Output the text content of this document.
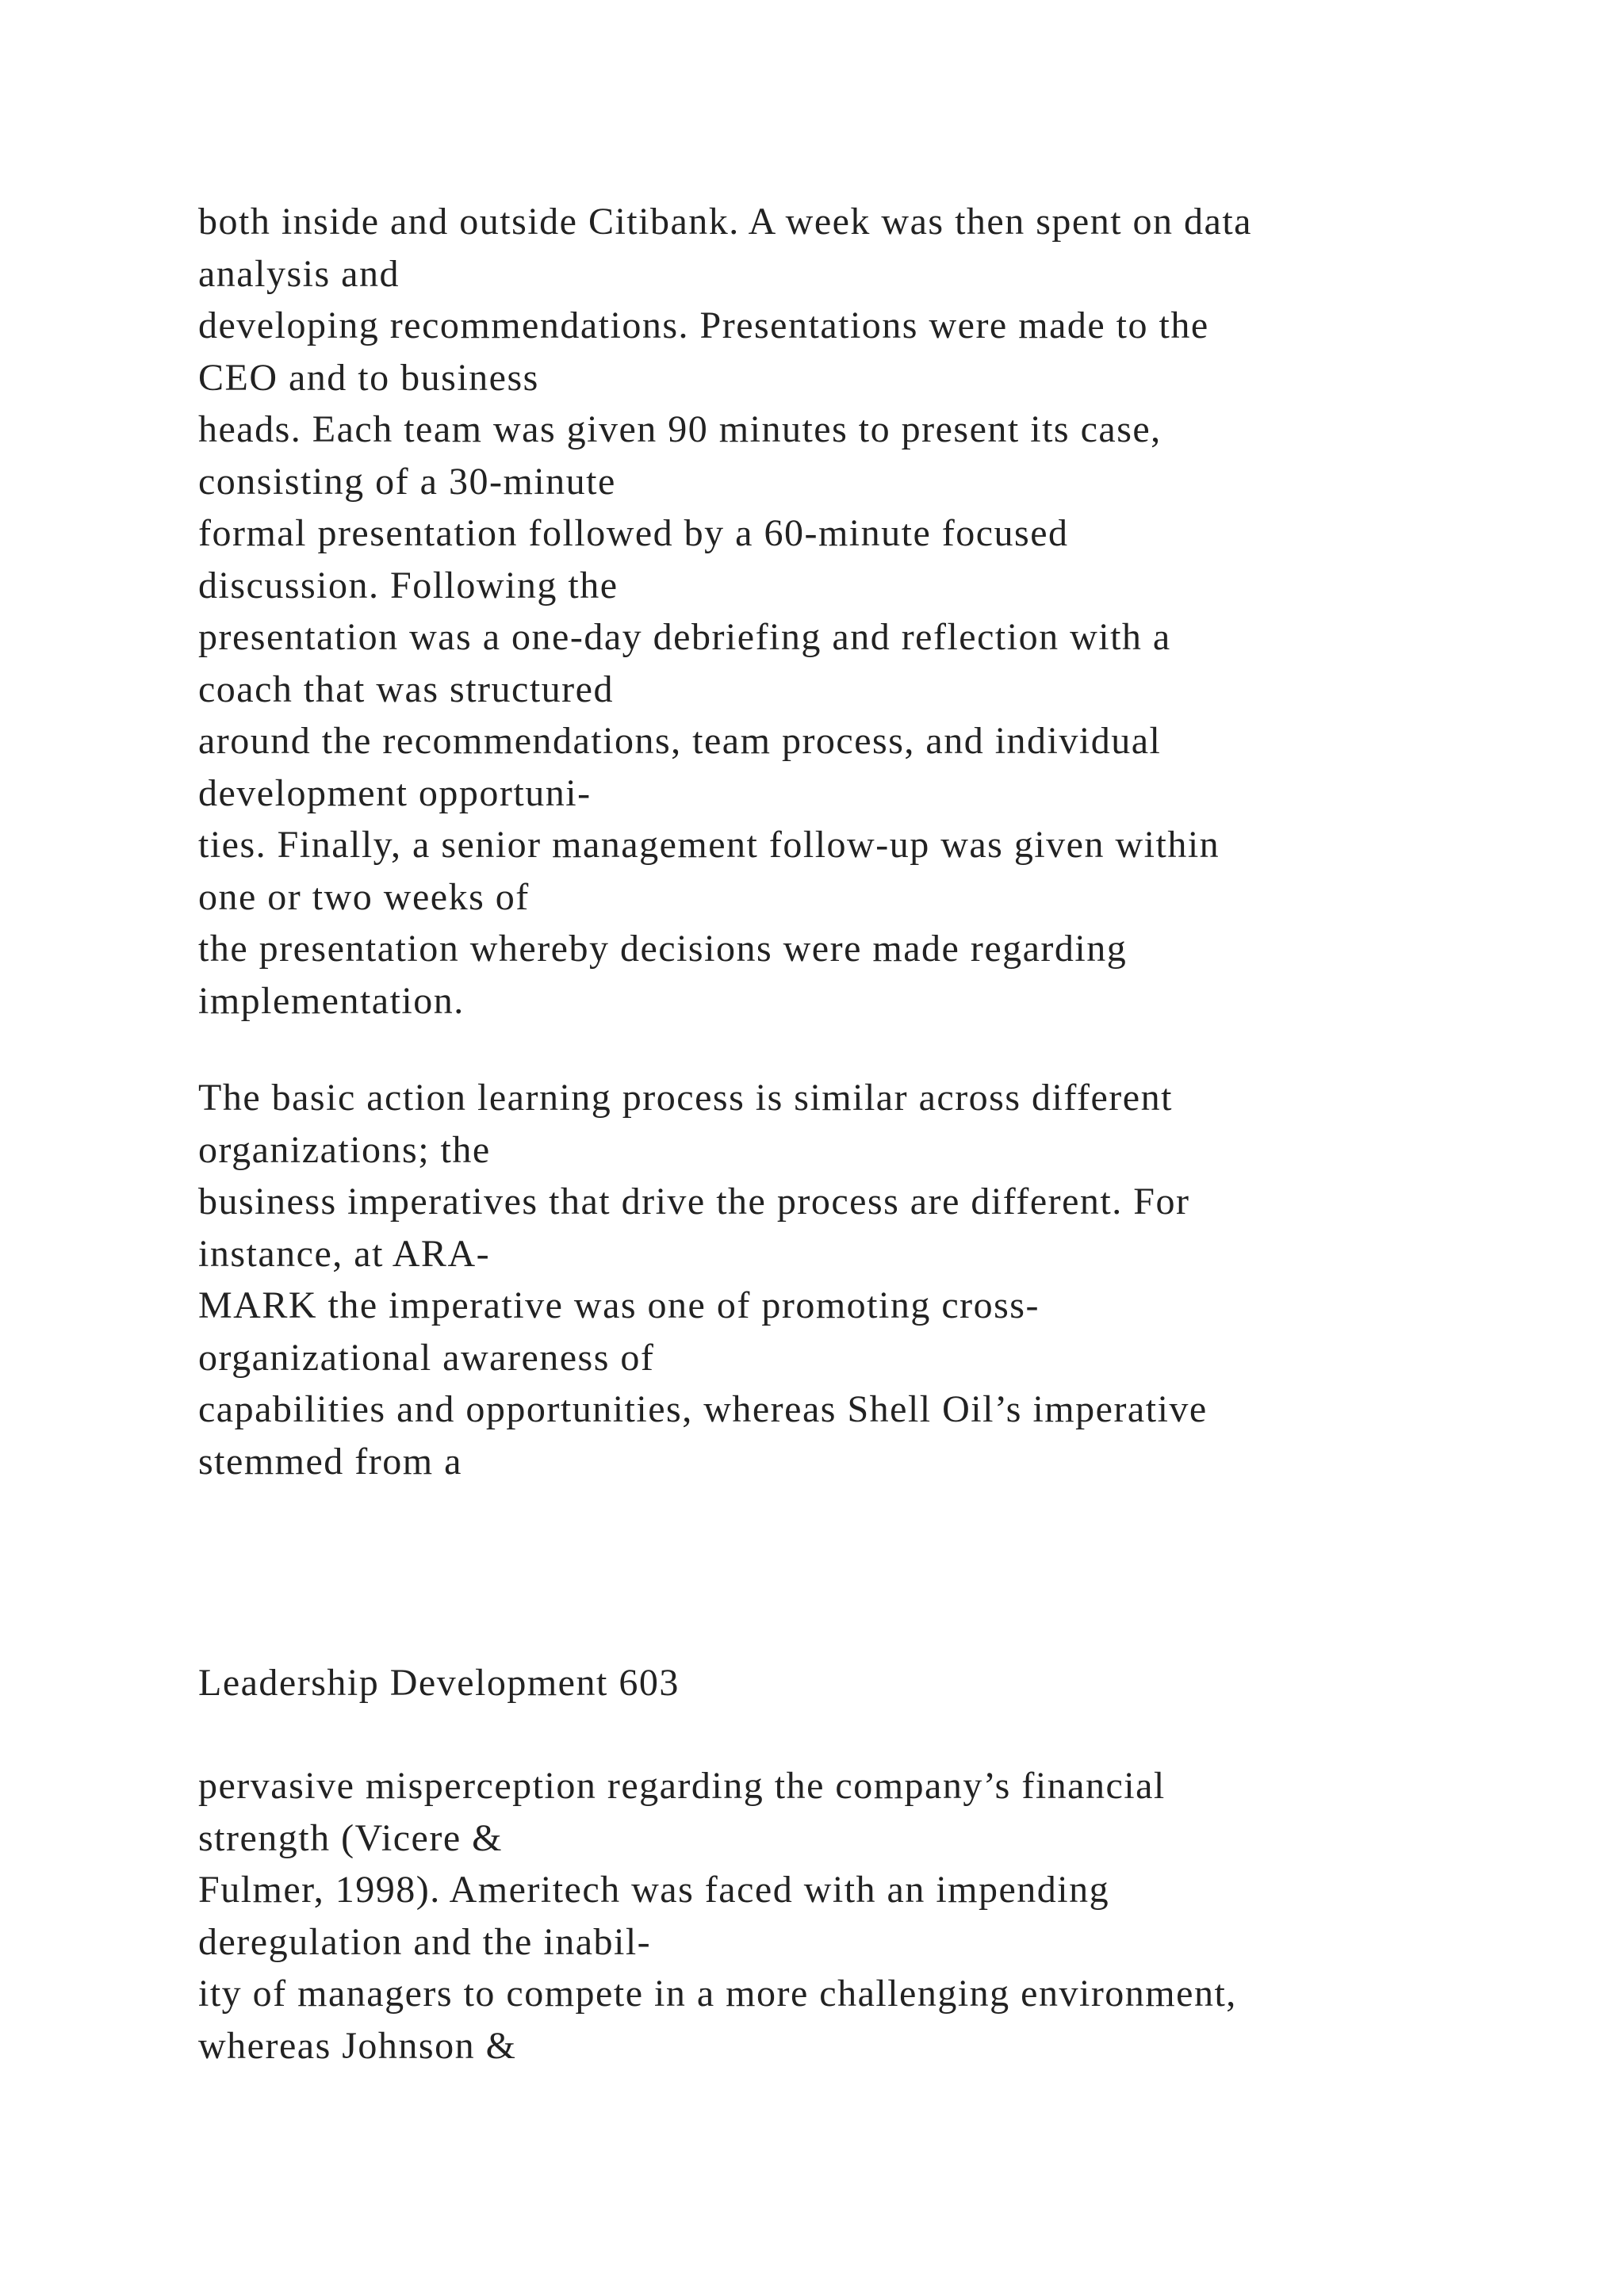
both inside and outside Citibank. A week was then spent on data
analysis and
developing recommendations. Presentations were made to the
CEO and to business
heads. Each team was given 90 minutes to present its case,
consisting of a 30-minute
formal presentation followed by a 60-minute focused
discussion. Following the
presentation was a one-day debriefing and reflection with a
coach that was structured
around the recommendations, team process, and individual
development opportuni-
ties. Finally, a senior management follow-up was given within
one or two weeks of
the presentation whereby decisions were made regarding
implementation.

The basic action learning process is similar across different
organizations; the
business imperatives that drive the process are different. For
instance, at ARA-
MARK the imperative was one of promoting cross-
organizational awareness of
capabilities and opportunities, whereas Shell Oil’s imperative
stemmed from a

Leadership Development 603

pervasive misperception regarding the company’s financial
strength (Vicere &
Fulmer, 1998). Ameritech was faced with an impending
deregulation and the inabil-
ity of managers to compete in a more challenging environment,
whereas Johnson &
